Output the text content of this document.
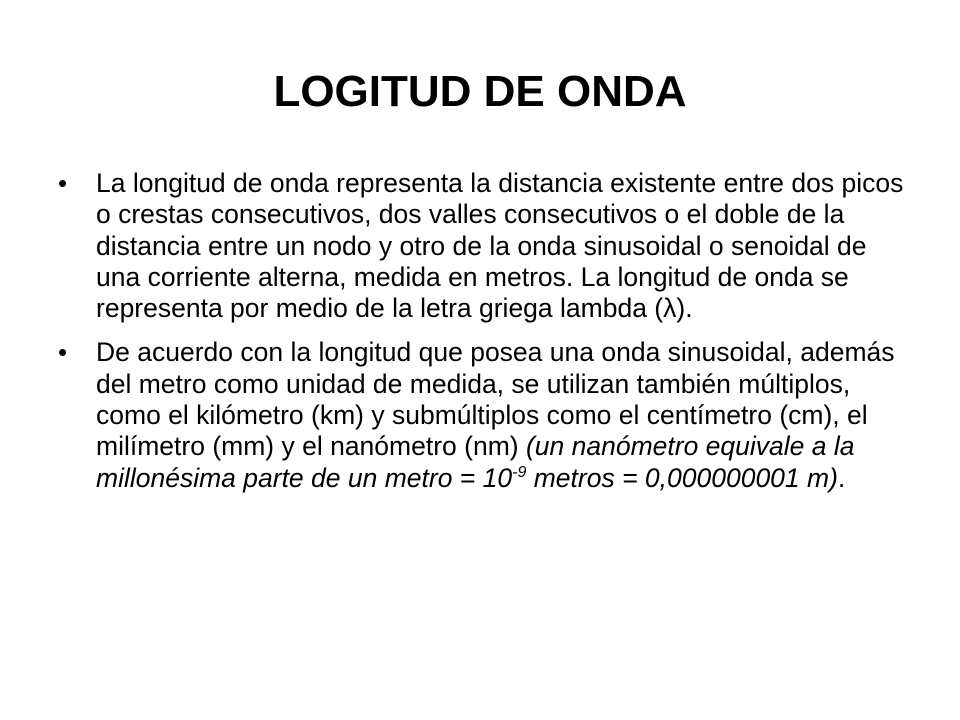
LOGITUD DE ONDA
•	La longitud de onda representa la distancia existente entre dos picos o crestas consecutivos, dos valles consecutivos o el doble de la distancia entre un nodo y otro de la onda sinusoidal o senoidal de una corriente alterna, medida en metros. La longitud de onda se representa por medio de la letra griega lambda (λ).
•	De acuerdo con la longitud que posea una onda sinusoidal, además del metro como unidad de medida, se utilizan también múltiplos, como el kilómetro (km) y submúltiplos como el centímetro (cm), el milímetro (mm) y el nanómetro (nm) (un nanómetro equivale a la millonésima parte de un metro = $10^{-9}$ metros = 0,000000001 m).
